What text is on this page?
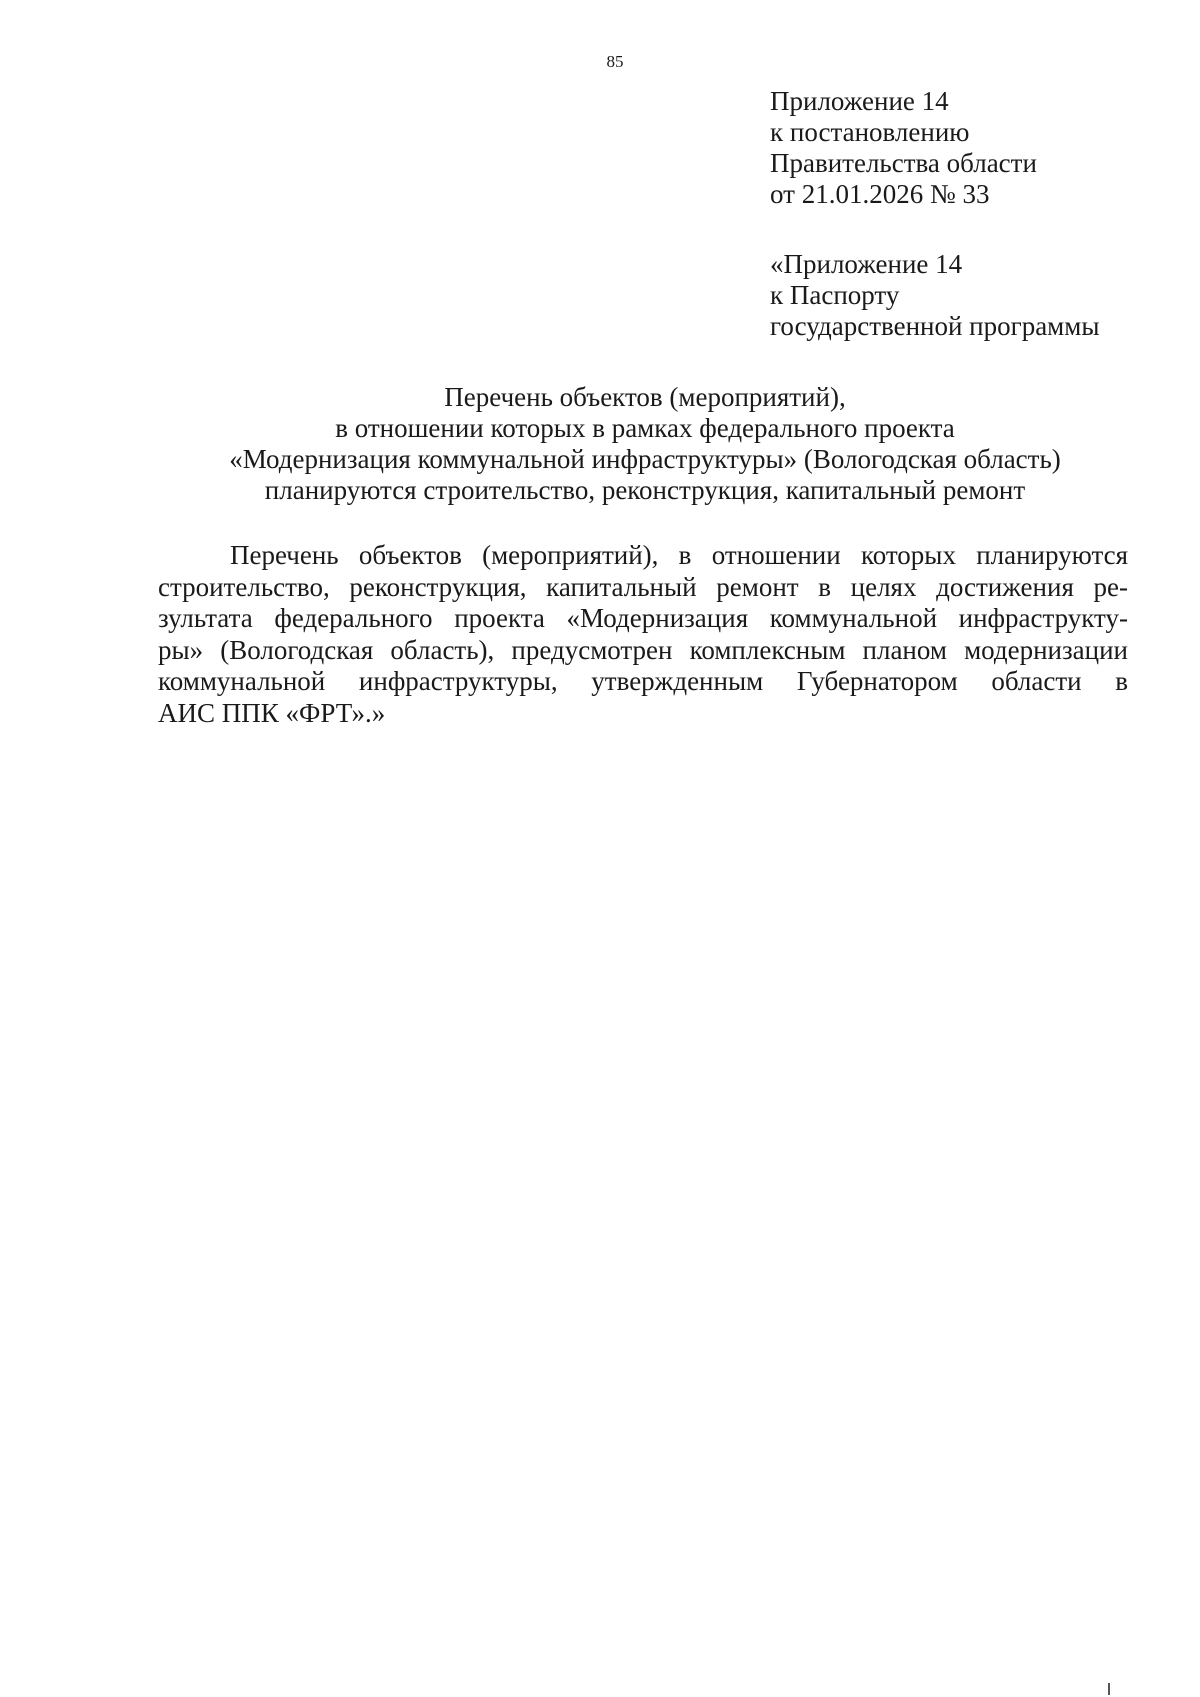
85
Приложение 14
к постановлению
Правительства области
от 21.01.2026 № 33
«Приложение 14
к Паспорту
государственной программы
Перечень объектов (мероприятий),
в отношении которых в рамках федерального проекта
«Модернизация коммунальной инфраструктуры» (Вологодская область)
планируются строительство, реконструкция, капитальный ремонт
Перечень объектов (мероприятий), в отношении которых планируются
строительство, реконструкция, капитальный ремонт в целях достижения ре-
зультата федерального проекта «Модернизация коммунальной инфраструкту-
ры» (Вологодская область), предусмотрен комплексным планом модернизации
коммунальной инфраструктуры, утвержденным Губернатором области в
АИС ППК «ФРТ».»
